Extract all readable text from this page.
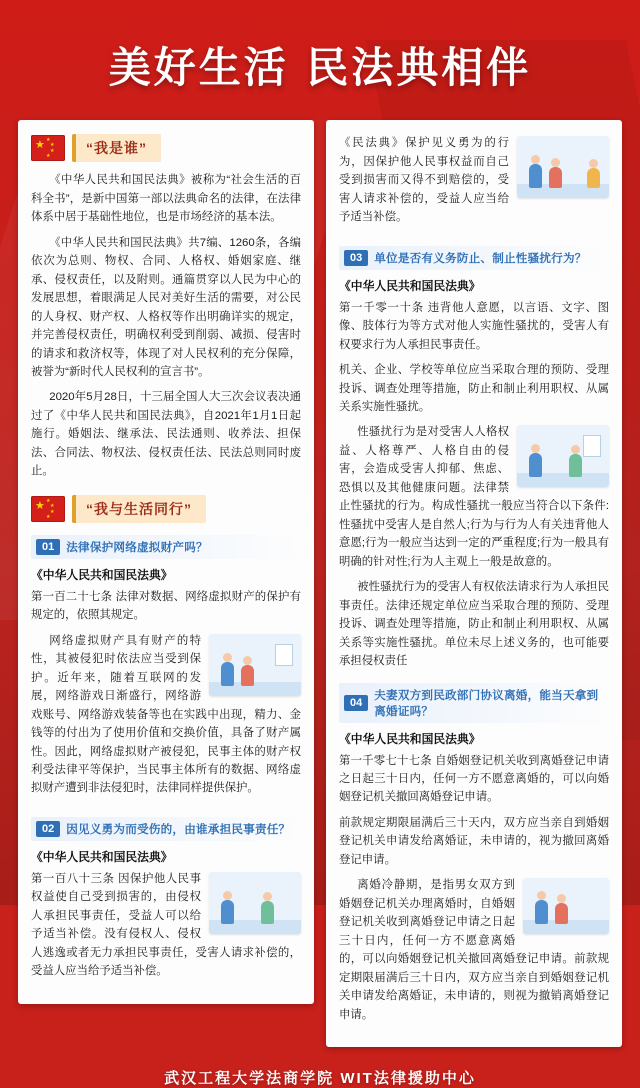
美好生活 民法典相伴
★ ★
★
★
★	“我是谁”

《中华人民共和国民法典》被称为“社会生活的百科全书”，是新中国第一部以法典命名的法律，在法律体系中居于基础性地位，也是市场经济的基本法。

《中华人民共和国民法典》共7编、1260条，各编依次为总则、物权、合同、人格权、婚姻家庭、继承、侵权责任，以及附则。通篇贯穿以人民为中心的发展思想，着眼满足人民对美好生活的需要，对公民的人身权、财产权、人格权等作出明确详实的规定，并完善侵权责任，明确权利受到削弱、减损、侵害时的请求和救济权等，体现了对人民权利的充分保障，被誉为“新时代人民权利的宣言书”。

2020年5月28日，十三届全国人大三次会议表决通过了《中华人民共和国民法典》，自2021年1月1日起施行。婚姻法、继承法、民法通则、收养法、担保法、合同法、物权法、侵权责任法、民法总则同时废止。

★ ★
★
★
★	“我与生活同行”
01	法律保护网络虚拟财产吗？
《中华人民共和国民法典》

第一百二十七条 法律对数据、网络虚拟财产的保护有规定的，依照其规定。

网络虚拟财产具有财产的特性，其被侵犯时依法应当受到保护。近年来，随着互联网的发展，网络游戏日渐盛行，网络游戏账号、网络游戏装备等也在实践中出现，精力、金钱等的付出为了使用价值和交换价值，具备了财产属性。因此，网络虚拟财产被侵犯，民事主体的财产权利受法律平等保护，当民事主体所有的数据、网络虚拟财产遭到非法侵犯时，法律同样提供保护。

02	因见义勇为而受伤的，由谁承担民事责任？
《中华人民共和国民法典》

第一百八十三条 因保护他人民事权益使自己受到损害的，由侵权人承担民事责任，受益人可以给予适当补偿。没有侵权人、侵权人逃逸或者无力承担民事责任，受害人请求补偿的，受益人应当给予适当补偿。

《民法典》保护见义勇为的行为，因保护他人民事权益而自己受到损害而又得不到赔偿的，受害人请求补偿的，受益人应当给予适当补偿。

03	单位是否有义务防止、制止性骚扰行为？
《中华人民共和国民法典》

第一千零一十条 违背他人意愿，以言语、文字、图像、肢体行为等方式对他人实施性骚扰的，受害人有权要求行为人承担民事责任。

机关、企业、学校等单位应当采取合理的预防、受理投诉、调查处理等措施，防止和制止利用职权、从属关系实施性骚扰。

性骚扰行为是对受害人人格权益、人格尊严、人格自由的侵害，会造成受害人抑郁、焦虑、恐惧以及其他健康问题。法律禁止性骚扰的行为。构成性骚扰一般应当符合以下条件:性骚扰中受害人是自然人;行为与行为人有关违背他人意愿;行为一般应当达到一定的严重程度;行为一般具有明确的针对性;行为人主观上一般是故意的。

被性骚扰行为的受害人有权依法请求行为人承担民事责任。法律还规定单位应当采取合理的预防、受理投诉、调查处理等措施，防止和制止利用职权、从属关系等实施性骚扰。单位未尽上述义务的，也可能要承担侵权责任

04
夫妻双方到民政部门协议离婚，能当天拿到离婚证吗？
《中华人民共和国民法典》

第一千零七十七条 自婚姻登记机关收到离婚登记申请之日起三十日内，任何一方不愿意离婚的，可以向婚姻登记机关撤回离婚登记申请。

前款规定期限届满后三十天内，双方应当亲自到婚姻登记机关申请发给离婚证，未申请的，视为撤回离婚登记申请。

离婚冷静期，是指男女双方到婚姻登记机关办理离婚时，自婚姻登记机关收到离婚登记申请之日起三十日内，任何一方不愿意离婚的，可以向婚姻登记机关撤回离婚登记申请。前款规定期限届满后三十日内，双方应当亲自到婚姻登记机关申请发给离婚证，未申请的，则视为撤销离婚登记申请。

武汉工程大学法商学院 WIT法律援助中心
